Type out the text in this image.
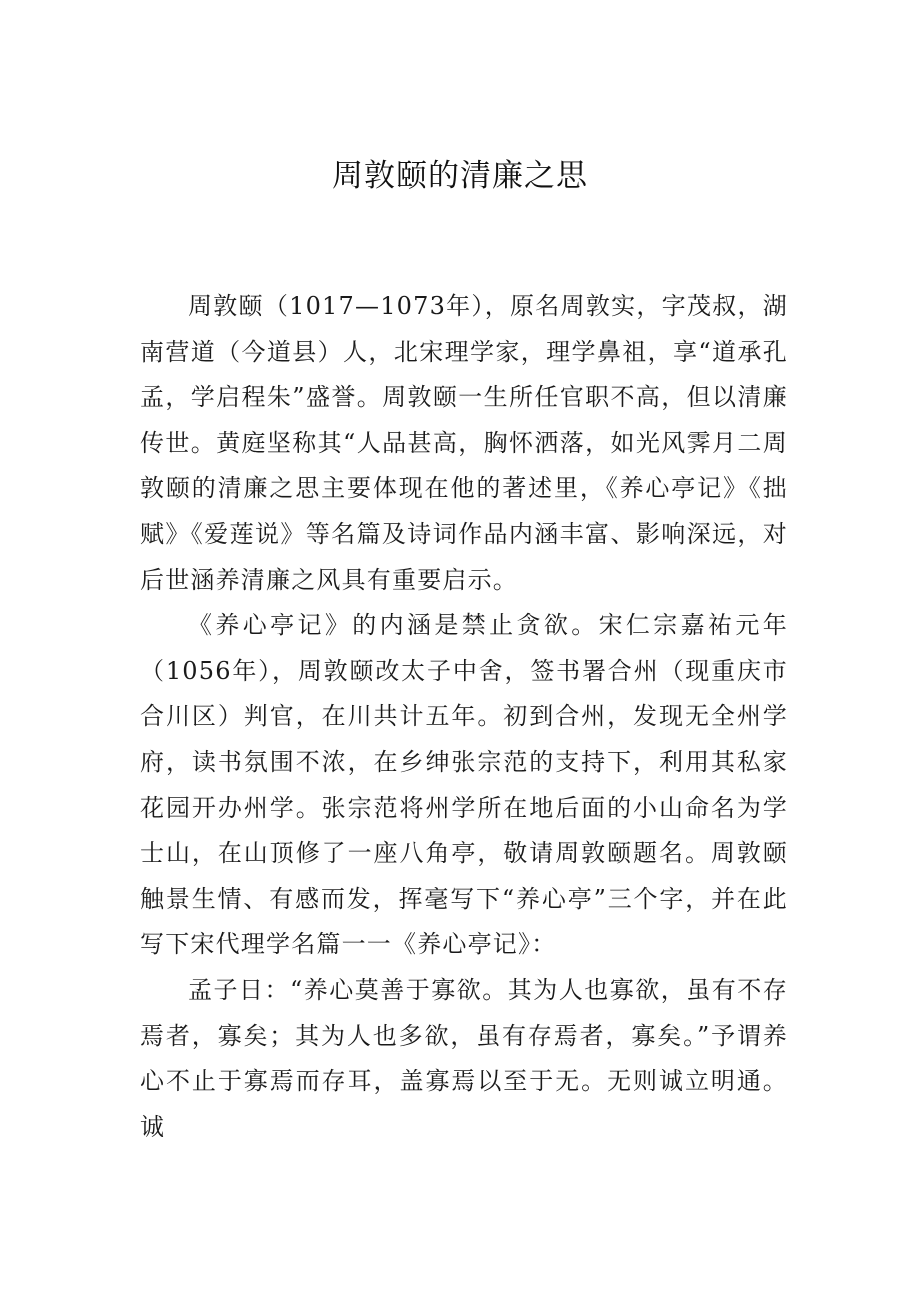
周敦颐的清廉之思

周敦颐（1017—1073年），原名周敦实，字茂叔，湖南营道（今道县）人，北宋理学家，理学鼻祖，享“道承孔孟，学启程朱”盛誉。周敦颐一生所任官职不高，但以清廉传世。黄庭坚称其“人品甚高，胸怀洒落，如光风霁月二周敦颐的清廉之思主要体现在他的著述里，《养心亭记》《拙赋》《爱莲说》等名篇及诗词作品内涵丰富、影响深远，对后世涵养清廉之风具有重要启示。

《养心亭记》的内涵是禁止贪欲。宋仁宗嘉祐元年（1056年），周敦颐改太子中舍，签书署合州（现重庆市合川区）判官，在川共计五年。初到合州，发现无全州学府，读书氛围不浓，在乡绅张宗范的支持下，利用其私家花园开办州学。张宗范将州学所在地后面的小山命名为学士山，在山顶修了一座八角亭，敬请周敦颐题名。周敦颐触景生情、有感而发，挥毫写下“养心亭”三个字，并在此写下宋代理学名篇一一《养心亭记》：

孟子日：“养心莫善于寡欲。其为人也寡欲，虽有不存焉者，寡矣；其为人也多欲，虽有存焉者，寡矣。”予谓养心不止于寡焉而存耳，盖寡焉以至于无。无则诚立明通。诚
